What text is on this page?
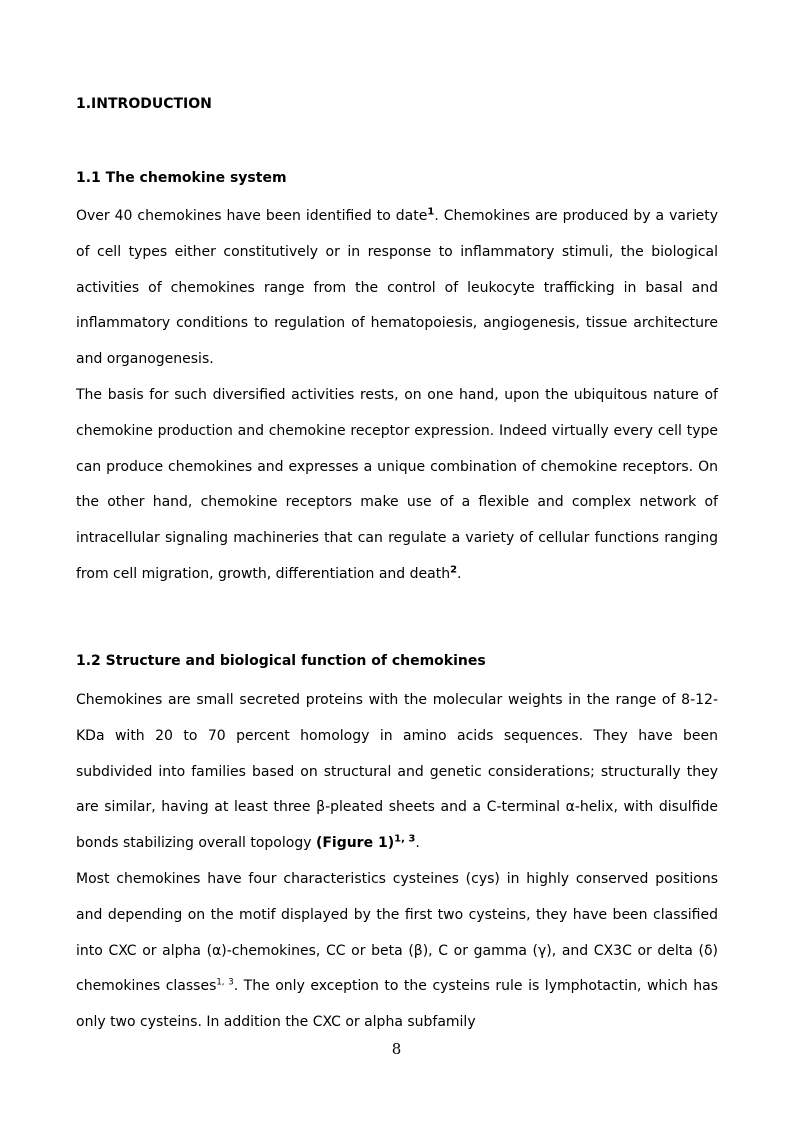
1.INTRODUCTION
1.1 The chemokine system

Over 40 chemokines have been identified to date$^1$. Chemokines are produced by a variety of cell types either constitutively or in response to inflammatory stimuli, the biological activities of chemokines range from the control of leukocyte trafficking in basal and inflammatory conditions to regulation of hematopoiesis, angiogenesis, tissue architecture and organogenesis.

The basis for such diversified activities rests, on one hand, upon the ubiquitous nature of chemokine production and chemokine receptor expression. Indeed virtually every cell type can produce chemokines and expresses a unique combination of chemokine receptors. On the other hand, chemokine receptors make use of a flexible and complex network of intracellular signaling machineries that can regulate a variety of cellular functions ranging from cell migration, growth, differentiation and death$^2$.

1.2 Structure and biological function of chemokines

Chemokines are small secreted proteins with the molecular weights in the range of 8-12-KDa with 20 to 70 percent homology in amino acids sequences. They have been subdivided into families based on structural and genetic considerations; structurally they are similar, having at least three β-pleated sheets and a C-terminal α-helix, with disulfide bonds stabilizing overall topology (Figure 1)$^{1, 3}$.

Most chemokines have four characteristics cysteines (cys) in highly conserved positions and depending on the motif displayed by the first two cysteins, they have been classified into CXC or alpha (α)-chemokines, CC or beta (β), C or gamma (γ), and CX3C or delta (δ) chemokines classes$^{1, 3}$. The only exception to the cysteins rule is lymphotactin, which has only two cysteins. In addition the CXC or alpha subfamily

8
